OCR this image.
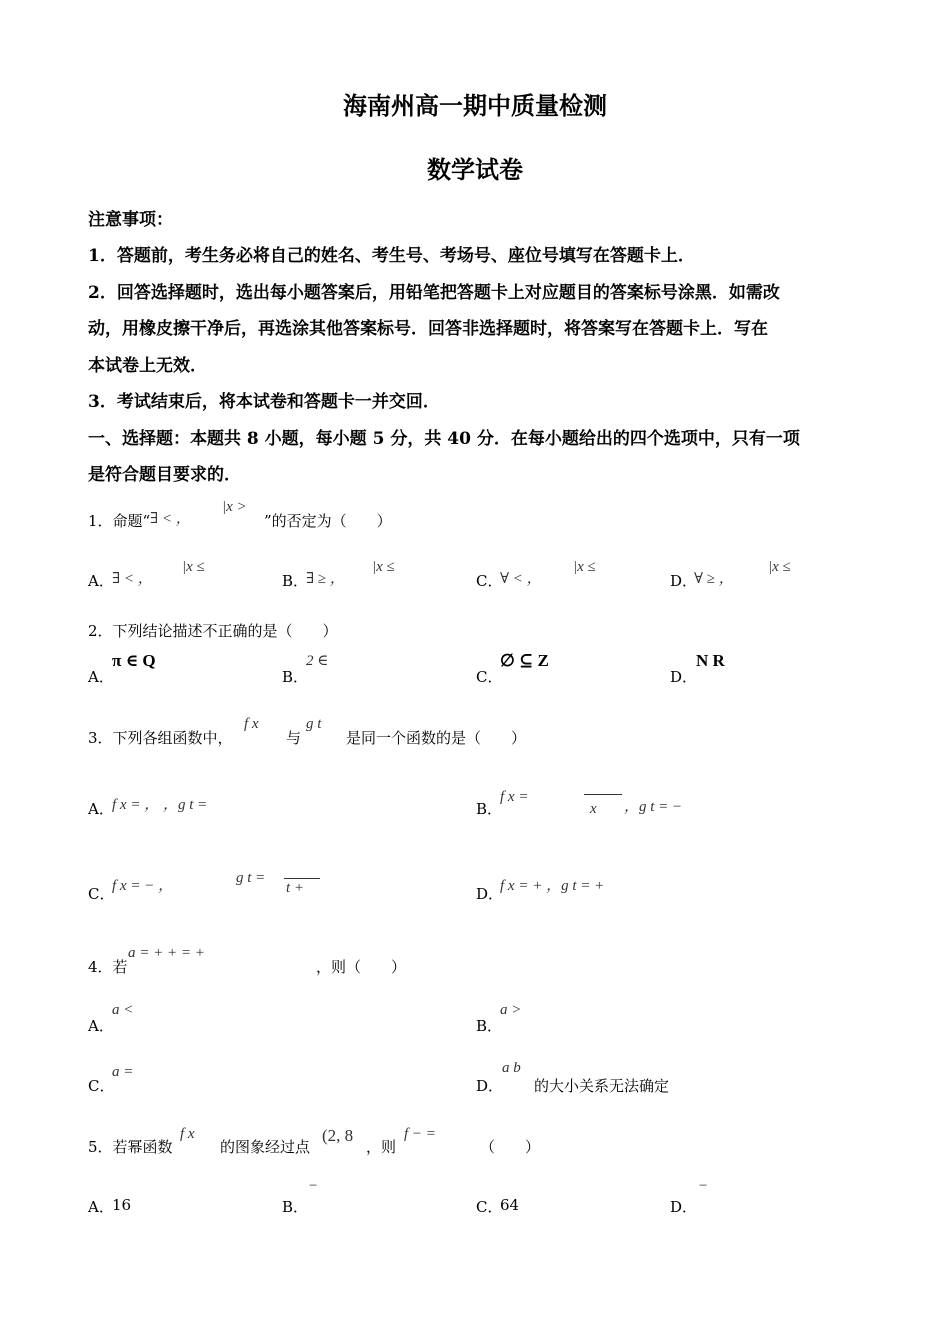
海南州高一期中质量检测
数学试卷
注意事项：
1．答题前，考生务必将自己的姓名、考生号、考场号、座位号填写在答题卡上．
2．回答选择题时，选出每小题答案后，用铅笔把答题卡上对应题目的答案标号涂黑．如需改
动，用橡皮擦干净后，再选涂其他答案标号．回答非选择题时，将答案写在答题卡上．写在
本试卷上无效．
3．考试结束后，将本试卷和答题卡一并交回．
一、选择题：本题共 8 小题，每小题 5 分，共 40 分．在每小题给出的四个选项中，只有一项
是符合题目要求的．
1．命题“ ∃ < ，
|x >
”的否定为（　　）
A．
∃ < ，
|x ≤
B．
∃ ≥ ，
|x ≤
C．
∀ < ，
|x ≤
D．
∀ ≥ ，
|x ≤
2．下列结论描述不正确的是（　　）
A．
π ∈ Q
B．
2 ∈
C．
∅ ⊆ Z
D．
N R
3．下列各组函数中，
f x
与
g t
是同一个函数的是（　　）
A．
f x = ， ，g t =	B．
f x =
x ，g t = −
C．
f x = − ，	g t =
t +	D．
f x = + ，g t = +
4．若
a = + + = +
，则（　　）
A．
a <
B．
a >
C．
a =
D．
a b
的大小关系无法确定
5．若幂函数
f x
的图象经过点
(2, 8
，则
f − =
（　　）
A．
16	B．
−
C．
64	D．
−
